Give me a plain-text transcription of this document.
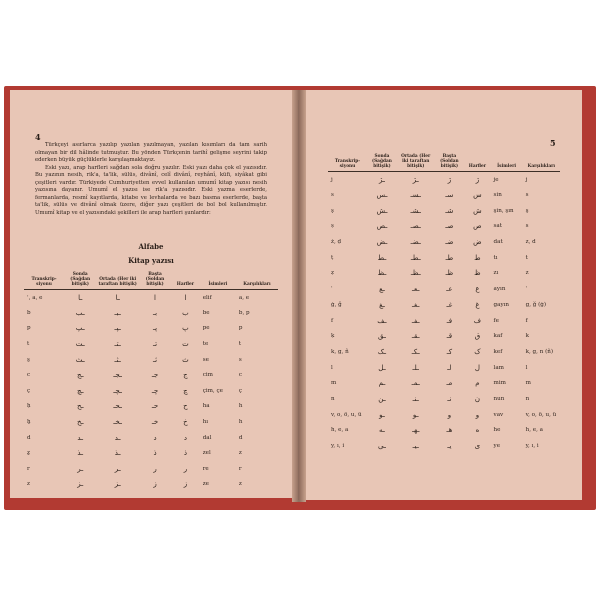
4

Türkçeyi asırlarca yazılıp yazılan yazılmayan, yazılan kısımları da tam sarih olmayan bir dil hâlinde tutmuştur. Bu yönden Türkçenin tarihî gelişme seyrini takip ederken büyük güçlüklerle karşılaşmaktayız.

Eski yazı, arap harfleri sağdan sola doğru yazılır. Eski yazı daha çok el yazısıdır. Bu yazının nesih, rik'a, ta'lik, sülüs, divânî, celî divânî, reyhânî, küfi, siyâkat gibi çeşitleri vardır. Türkiyede Cumhuriyetten evvel kullanılan umumî kitap yazısı nesih yazısına dayanır. Umumî el yazısı ise rik'a yazısıdır. Eski yazma eserlerde, fermanlarda, resmî kayıtlarda, kitabe ve levhalarda ve bazı basma eserlerde, başta ta'lik, sülüs ve divânî olmak üzere, diğer yazı çeşitleri de bol bol kullanılmıştır. Umumî kitap ve el yazısındaki şekilleri ile arap harfleri şunlardır:

Alfabe
Kitap yazısı
Transkripsiyonu	Sonda (Sağdan bitişik)	Ortada (Her iki taraftan bitişik)	Başta (Soldan bitişik)	Harfler	İsimleri	Karşılıkları
ʾ, a, e	ـا	ـا	ا	ا	elif	a, e
b	ـب	ـبـ	بـ	ب	be	b, p
p	ـپ	ـپـ	پـ	پ	pe	p
t	ـت	ـتـ	تـ	ت	te	t
s̱	ـث	ـثـ	ثـ	ث	se	s
c	ـج	ـجـ	جـ	ج	cim	c
ç	ـچ	ـچـ	چـ	چ	çim, çe	ç
ḥ	ـح	ـحـ	حـ	ح	ha	h
ḫ	ـخ	ـخـ	خـ	خ	hı	h
d	ـد	ـد	د	د	dal	d
ẕ	ـذ	ـذ	ذ	ذ	zel	z
r	ـر	ـر	ر	ر	re	r
z	ـز	ـز	ز	ز	ze	z
5
Transkripsiyonu	Sonda (Sağdan bitişik)	Ortada (Her iki taraftan bitişik)	Başta (Soldan bitişik)	Harfler	İsimleri	Karşılıkları
j	ـژ	ـژ	ژ	ژ	je	j
s	ـس	ـسـ	سـ	س	sin	s
ş	ـش	ـشـ	شـ	ش	şin, şın	ş
ṣ	ـص	ـصـ	صـ	ص	sat	s
ż, ḍ	ـض	ـضـ	ضـ	ض	dat	z, d
ṭ	ـط	ـطـ	طـ	ط	tı	t
ẓ	ـظ	ـظـ	ظـ	ظ	zı	z
ʿ	ـع	ـعـ	عـ	ع	ayın	ʿ
ġ, ğ	ـغ	ـغـ	غـ	غ	gayın	g, ğ (ġ)
f	ـف	ـفـ	فـ	ف	fe	f
ḳ	ـق	ـقـ	قـ	ق	kaf	k
k, g, ñ	ـک	ـکـ	کـ	ک	kef	k, g, n (ñ)
l	ـل	ـلـ	لـ	ل	lam	l
m	ـم	ـمـ	مـ	م	mim	m
n	ـن	ـنـ	نـ	ن	nun	n
v, o, ö, u, ü	ـو	ـو	و	و	vav	v, o, ö, u, ü
h, e, a	ـه	ـهـ	هـ	ه	he	h, e, a
y, ı, i	ـی	ـیـ	یـ	ی	ye	y, ı, i
